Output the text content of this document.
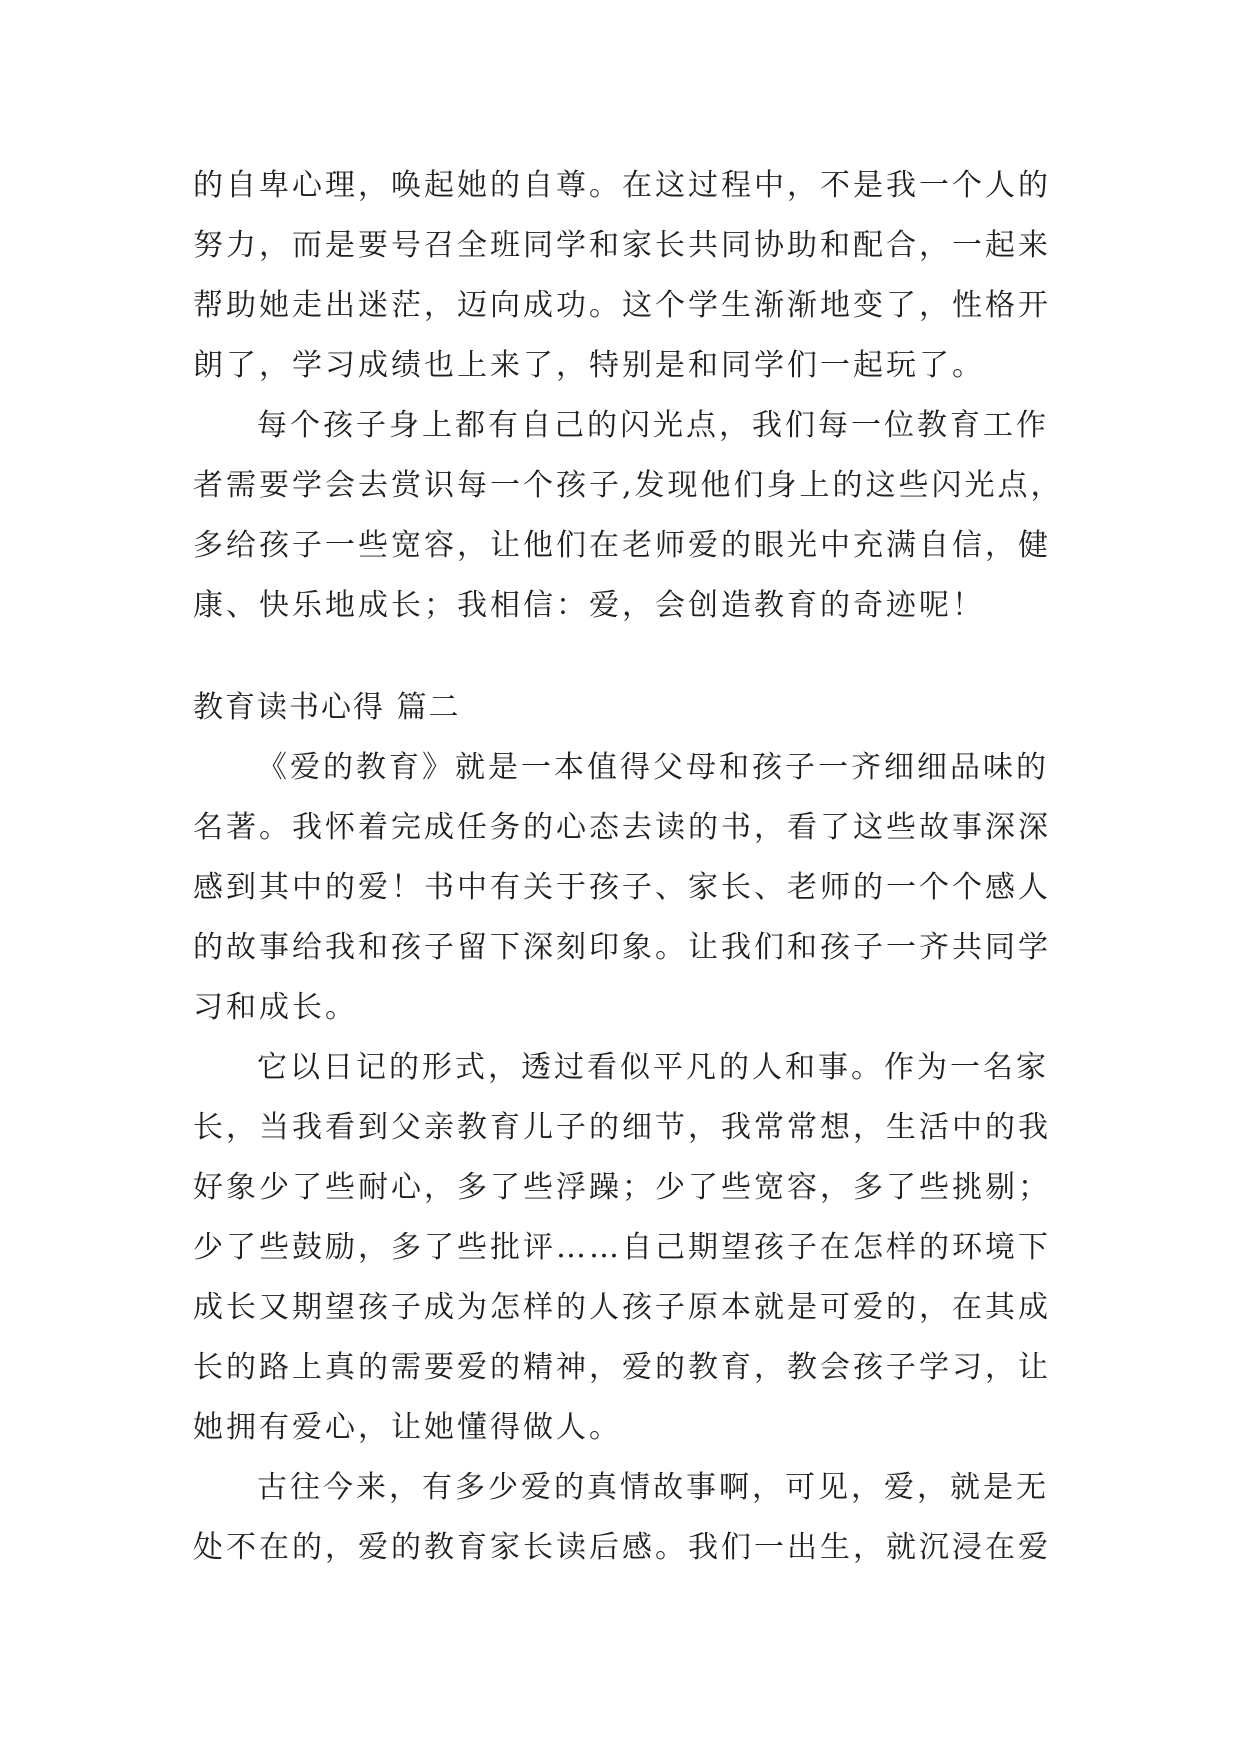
的自卑心理，唤起她的自尊。在这过程中，不是我一个人的
努力，而是要号召全班同学和家长共同协助和配合，一起来
帮助她走出迷茫，迈向成功。这个学生渐渐地变了，性格开
朗了，学习成绩也上来了，特别是和同学们一起玩了。
每个孩子身上都有自己的闪光点，我们每一位教育工作
者需要学会去赏识每一个孩子,发现他们身上的这些闪光点，
多给孩子一些宽容，让他们在老师爱的眼光中充满自信，健
康、快乐地成长；我相信：爱，会创造教育的奇迹呢！
教育读书心得 篇二
《爱的教育》就是一本值得父母和孩子一齐细细品味的
名著。我怀着完成任务的心态去读的书，看了这些故事深深
感到其中的爱！书中有关于孩子、家长、老师的一个个感人
的故事给我和孩子留下深刻印象。让我们和孩子一齐共同学
习和成长。
它以日记的形式，透过看似平凡的人和事。作为一名家
长，当我看到父亲教育儿子的细节，我常常想，生活中的我
好象少了些耐心，多了些浮躁；少了些宽容，多了些挑剔；
少了些鼓励，多了些批评……自己期望孩子在怎样的环境下
成长又期望孩子成为怎样的人孩子原本就是可爱的，在其成
长的路上真的需要爱的精神，爱的教育，教会孩子学习，让
她拥有爱心，让她懂得做人。
古往今来，有多少爱的真情故事啊，可见，爱，就是无
处不在的，爱的教育家长读后感。我们一出生，就沉浸在爱
